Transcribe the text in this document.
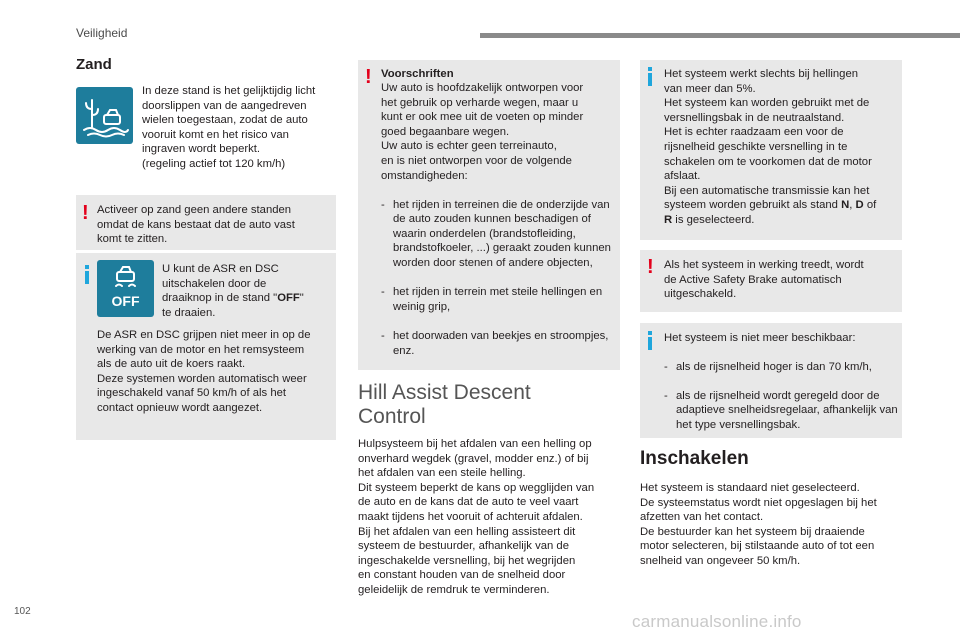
Veiligheid
Zand
In deze stand is het gelijktijdig licht
doorslippen van de aangedreven
wielen toegestaan, zodat de auto
vooruit komt en het risico van
ingraven wordt beperkt.
(regeling actief tot 120 km/h)
! Activeer op zand geen andere standen
omdat de kans bestaat dat de auto vast
komt te zitten.
OFF
U kunt de ASR en DSC
uitschakelen door de
draaiknop in de stand "OFF"
te draaien.
De ASR en DSC grijpen niet meer in op de
werking van de motor en het remsysteem
als de auto uit de koers raakt.
Deze systemen worden automatisch weer
ingeschakeld vanaf 50 km/h of als het
contact opnieuw wordt aangezet.
! Voorschriften
Uw auto is hoofdzakelijk ontworpen voor
het gebruik op verharde wegen, maar u
kunt er ook mee uit de voeten op minder
goed begaanbare wegen.
Uw auto is echter geen terreinauto,
en is niet ontworpen voor de volgende
omstandigheden:

- het rijden in terreinen die de onderzijde van de auto zouden kunnen beschadigen of waarin onderdelen (brandstofleiding, brandstofkoeler, ...) geraakt zouden kunnen worden door stenen of andere objecten,

- het rijden in terrein met steile hellingen en weinig grip,

- het doorwaden van beekjes en stroompjes, enz.

Hill Assist Descent
Control
Hulpsysteem bij het afdalen van een helling op
onverhard wegdek (gravel, modder enz.) of bij
het afdalen van een steile helling.
Dit systeem beperkt de kans op wegglijden van
de auto en de kans dat de auto te veel vaart
maakt tijdens het vooruit of achteruit afdalen.
Bij het afdalen van een helling assisteert dit
systeem de bestuurder, afhankelijk van de
ingeschakelde versnelling, bij het wegrijden
en constant houden van de snelheid door
geleidelijk de remdruk te verminderen.
Het systeem werkt slechts bij hellingen
van meer dan 5%.
Het systeem kan worden gebruikt met de
versnellingsbak in de neutraalstand.
Het is echter raadzaam een voor de
rijsnelheid geschikte versnelling in te
schakelen om te voorkomen dat de motor
afslaat.
Bij een automatische transmissie kan het
systeem worden gebruikt als stand N, D of
R is geselecteerd.
! Als het systeem in werking treedt, wordt
de Active Safety Brake automatisch
uitgeschakeld.
Het systeem is niet meer beschikbaar:

- als de rijsnelheid hoger is dan 70 km/h,

- als de rijsnelheid wordt geregeld door de adaptieve snelheidsregelaar, afhankelijk van het type versnellingsbak.

Inschakelen
Het systeem is standaard niet geselecteerd.
De systeemstatus wordt niet opgeslagen bij het
afzetten van het contact.
De bestuurder kan het systeem bij draaiende
motor selecteren, bij stilstaande auto of tot een
snelheid van ongeveer 50 km/h.
102
carmanualsonline.info
